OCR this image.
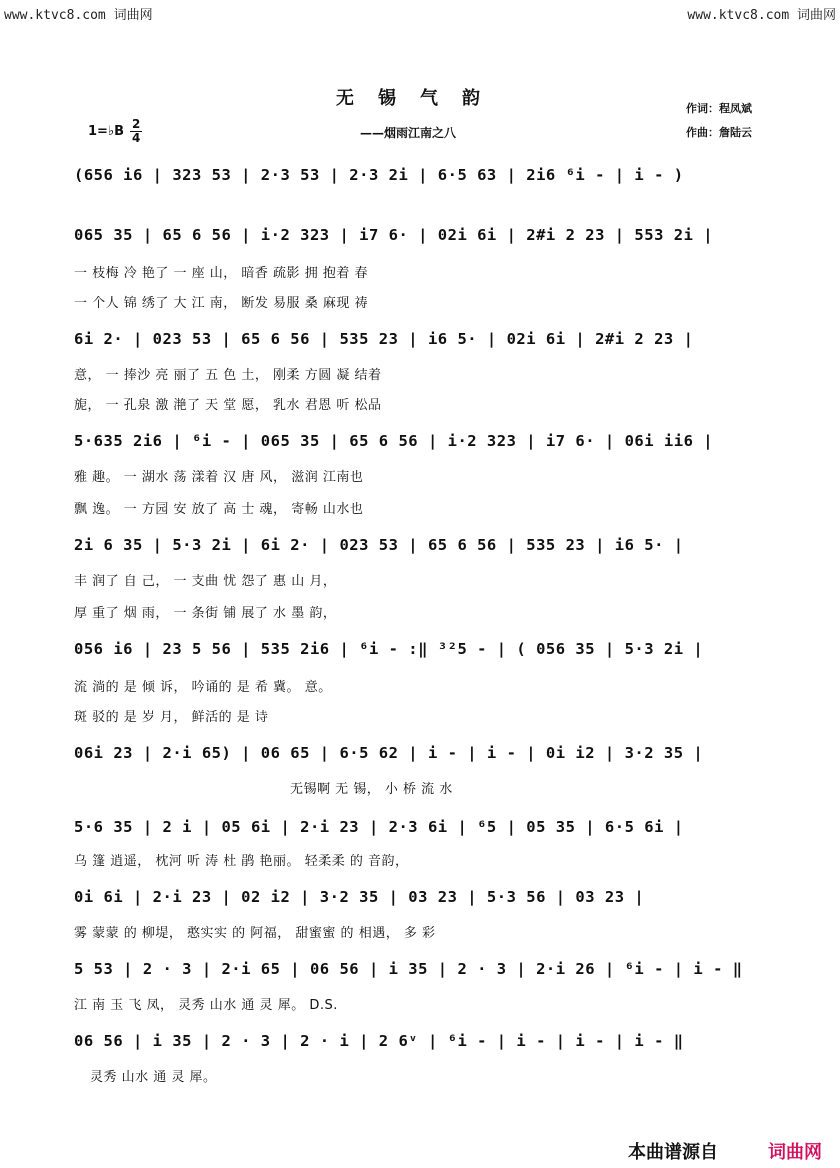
www.ktvc8.com 词曲网	www.ktvc8.com 词曲网
无锡气韵	作词：程凤斌
——烟雨江南之八	作曲：詹陆云
1=♭B $\frac{2}{4}$
(656 i6 | 323 53 | 2·3 53 | 2·3 2i | 6·5 63 | 2i6 ⁶i - | i - )
065 35 | 65 6 56 | i·2 323 | i7 6· | 02i 6i | 2#i 2 23 | 553 2i |
6i 2· | 023 53 | 65 6 56 | 535 23 | i6 5· | 02i 6i | 2#i 2 23 |
5·635 2i6 | ⁶i - | 065 35 | 65 6 56 | i·2 323 | i7 6· | 06i ii6 |
2i 6 35 | 5·3 2i | 6i 2· | 023 53 | 65 6 56 | 535 23 | i6 5· |
056 i6 | 23 5 56 | 535 2i6 | ⁶i - :‖ ³²5 - | ( 056 35 | 5·3 2i |
06i 23 | 2·i 65) | 06 65 | 6·5 62 | i - | i - | 0i i2 | 3·2 35 |
5·6 35 | 2 i | 05 6i | 2·i 23 | 2·3 6i | ⁶5 | 05 35 | 6·5 6i |
0i 6i | 2·i 23 | 02 i2 | 3·2 35 | 03 23 | 5·3 56 | 03 23 |
5 53 | 2 · 3 | 2·i 65 | 06 56 | i 35 | 2 · 3 | 2·i 26 | ⁶i - | i - ‖
06 56 | i 35 | 2 · 3 | 2 · i | 2 6ᵛ | ⁶i - | i - | i - | i - ‖
一 枝梅 冷 艳了 一 座 山， 暗香 疏影 拥 抱着 春
一 个人 锦 绣了 大 江 南， 断发 易服 桑 麻现 祷
意， 一 捧沙 亮 丽了 五 色 土， 刚柔 方圆 凝 结着
旎， 一 孔泉 激 滟了 天 堂 愿， 乳水 君恩 听 松品
雅 趣。 一 湖水 荡 漾着 汉 唐 风， 滋润 江南也
飘 逸。 一 方园 安 放了 高 士 魂， 寄畅 山水也
丰 润了 自 己， 一 支曲 忧 怨了 惠 山 月，
厚 重了 烟 雨， 一 条街 铺 展了 水 墨 韵，
流 淌的 是 倾 诉， 吟诵的 是 希 冀。 意。
斑 驳的 是 岁 月， 鲜活的 是 诗
无锡啊 无 锡， 小 桥 流 水
乌 篷 逍遥， 枕河 听 涛 杜 鹃 艳丽。 轻柔柔 的 音韵，
雾 蒙蒙 的 柳堤， 憨实实 的 阿福， 甜蜜蜜 的 相遇， 多 彩
江 南 玉 飞 凤， 灵秀 山水 通 灵 犀。 D.S.
灵秀 山水 通 灵 犀。
本曲谱源自	词曲网
